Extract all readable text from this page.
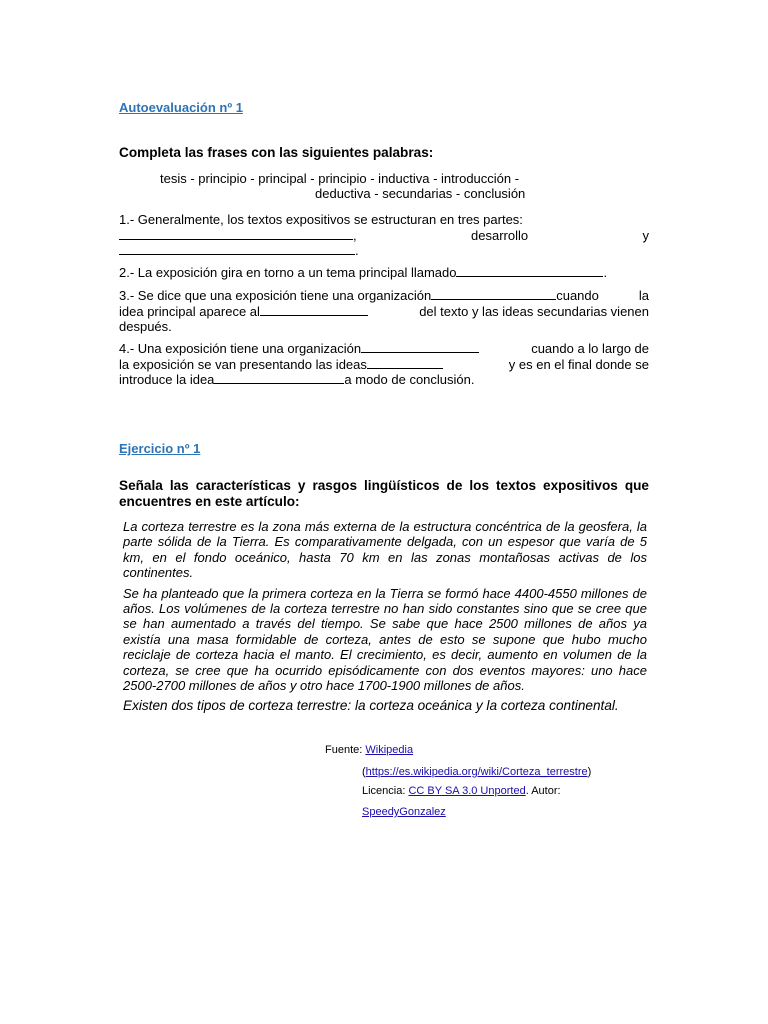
Autoevaluación nº 1
Completa las frases con las siguientes palabras:
tesis - principio - principal - principio - inductiva - introducción -
deductiva - secundarias - conclusión
1.- Generalmente, los textos expositivos se estructuran en tres partes:
,	desarrollo	y
.
2.- La exposición gira en torno a un tema principal llamado	.
3.- Se dice que una exposición tiene una organización	cuando	la
idea principal aparece al	del texto y las ideas secundarias vienen
después.
4.- Una exposición tiene una organización	cuando a lo largo de
la exposición se van presentando las ideas	y es en el final donde se
introduce la idea	a modo de conclusión.
Ejercicio nº 1
Señala las características y rasgos lingüísticos de los textos expositivos que encuentres en este artículo:

La corteza terrestre es la zona más externa de la estructura concéntrica de la geosfera, la parte sólida de la Tierra. Es comparativamente delgada, con un espesor que varía de 5 km, en el fondo oceánico, hasta 70 km en las zonas montañosas activas de los continentes.

Se ha planteado que la primera corteza en la Tierra se formó hace 4400-4550 millones de años. Los volúmenes de la corteza terrestre no han sido constantes sino que se cree que se han aumentado a través del tiempo. Se sabe que hace 2500 millones de años ya existía una masa formidable de corteza, antes de esto se supone que hubo mucho reciclaje de corteza hacia el manto. El crecimiento, es decir, aumento en volumen de la corteza, se cree que ha ocurrido episódicamente con dos eventos mayores: uno hace 2500-2700 millones de años y otro hace 1700-1900 millones de años.

Existen dos tipos de corteza terrestre: la corteza oceánica y la corteza continental.

Fuente: Wikipedia
(https://es.wikipedia.org/wiki/Corteza_terrestre)
Licencia: CC BY SA 3.0 Unported. Autor:
SpeedyGonzalez
